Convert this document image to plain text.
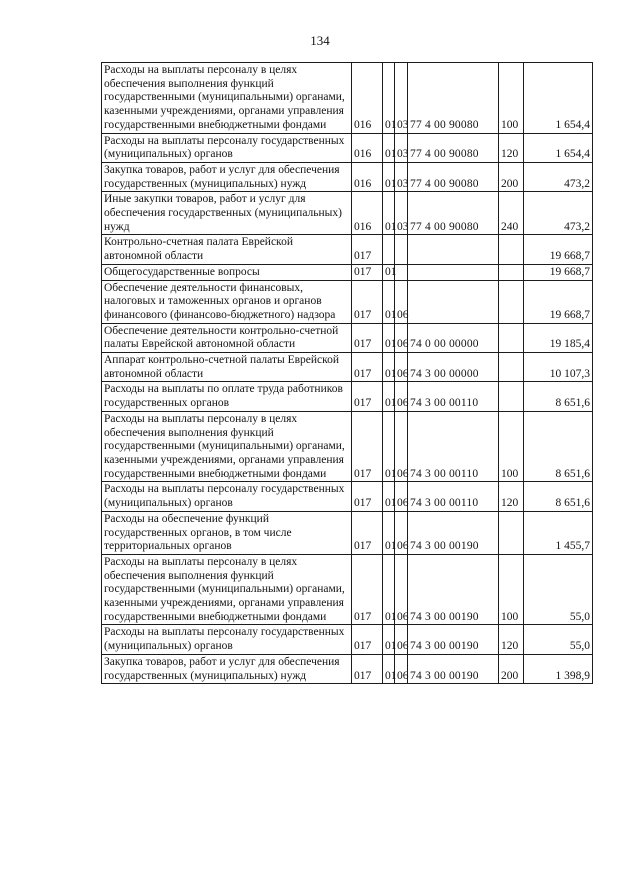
134
Расходы на выплаты персоналу в целях обеспечения выполнения функций государственными (муниципальными) органами, казенными учреждениями, органами управления государственными внебюджетными фондами	016	01	03	77 4 00 90080	100	1 654,4
Расходы на выплаты персоналу государственных (муниципальных) органов	016	01	03	77 4 00 90080	120	1 654,4
Закупка товаров, работ и услуг для обеспечения государственных (муниципальных) нужд	016	01	03	77 4 00 90080	200	473,2
Иные закупки товаров, работ и услуг для обеспечения государственных (муниципальных) нужд	016	01	03	77 4 00 90080	240	473,2
Контрольно-счетная палата Еврейской автономной области	017					19 668,7
Общегосударственные вопросы	017	01				19 668,7
Обеспечение деятельности финансовых, налоговых и таможенных органов и органов финансового (финансово-бюджетного) надзора	017	01	06			19 668,7
Обеспечение деятельности контрольно-счетной палаты Еврейской автономной области	017	01	06	74 0 00 00000		19 185,4
Аппарат контрольно-счетной палаты Еврейской автономной области	017	01	06	74 3 00 00000		10 107,3
Расходы на выплаты по оплате труда работников государственных органов	017	01	06	74 3 00 00110		8 651,6
Расходы на выплаты персоналу в целях обеспечения выполнения функций государственными (муниципальными) органами, казенными учреждениями, органами управления государственными внебюджетными фондами	017	01	06	74 3 00 00110	100	8 651,6
Расходы на выплаты персоналу государственных (муниципальных) органов	017	01	06	74 3 00 00110	120	8 651,6
Расходы на обеспечение функций государственных органов, в том числе территориальных органов	017	01	06	74 3 00 00190		1 455,7
Расходы на выплаты персоналу в целях обеспечения выполнения функций государственными (муниципальными) органами, казенными учреждениями, органами управления государственными внебюджетными фондами	017	01	06	74 3 00 00190	100	55,0
Расходы на выплаты персоналу государственных (муниципальных) органов	017	01	06	74 3 00 00190	120	55,0
Закупка товаров, работ и услуг для обеспечения государственных (муниципальных) нужд	017	01	06	74 3 00 00190	200	1 398,9
